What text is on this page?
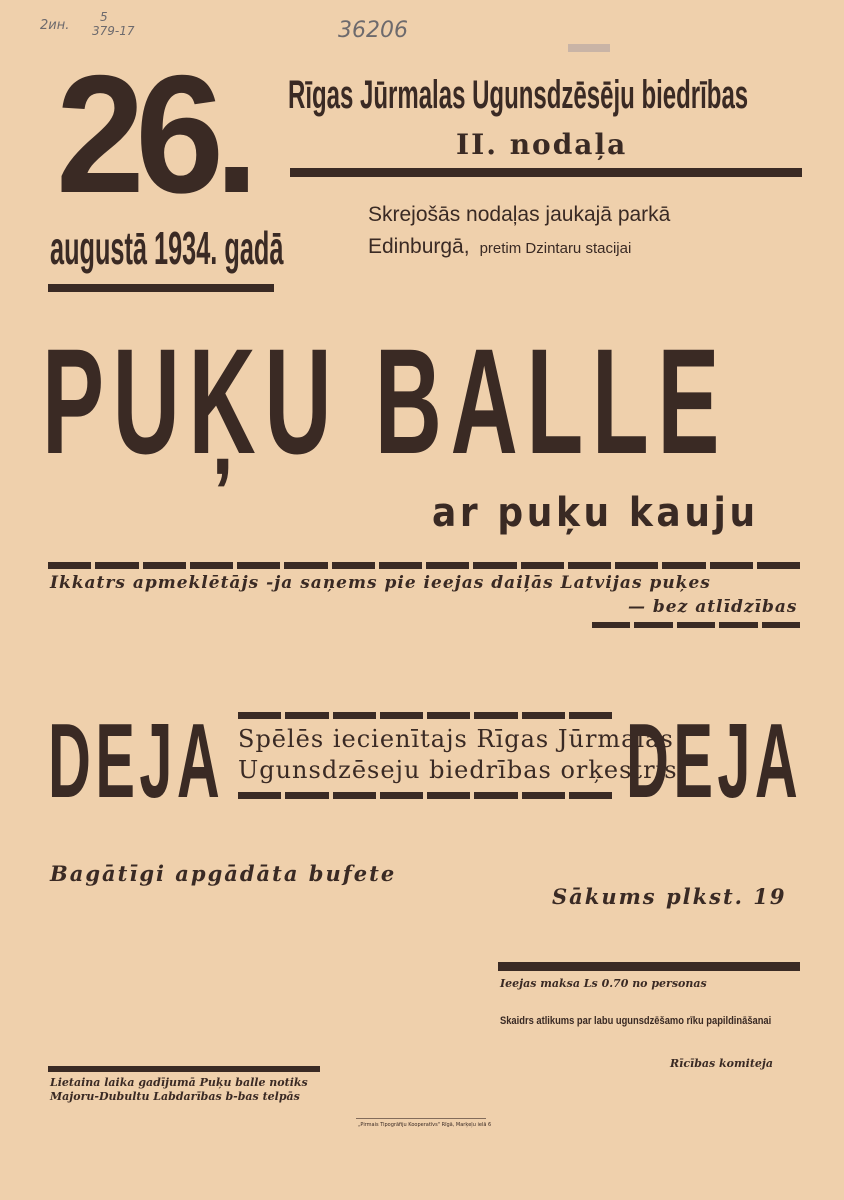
2ин.
5
379-17	36206
26.
augustā 1934. gadā
Rīgas Jūrmalas Ugunsdzēsēju biedrības
II. nodaļa
Skrejošās nodaļas jaukajā parkā
Edinburgā, pretim Dzintaru stacijai
PUĶU BALLE
ar puķu kauju
Ikkatrs apmeklētājs -ja saņems pie ieejas daiļās Latvijas puķes
— bez atlīdzības
DEJA	DEJA
Spēlēs iecienītajs Rīgas Jūrmalas
Ugunsdzēseju biedrības orķestris
Bagātīgi apgādāta bufete
Sākums plkst. 19
Ieejas maksa Ls 0.70 no personas
Skaidrs atlikums par labu ugunsdzēšamo rīku papildināšanai
Rīcības komiteja
Lietaina laika gadījumā Puķu balle notiks
Majoru-Dubultu Labdarības b-bas telpās
„Pirmais Tipogrāfiju Kooperatīvs" Rīgā, Marķeļu ielā 6
